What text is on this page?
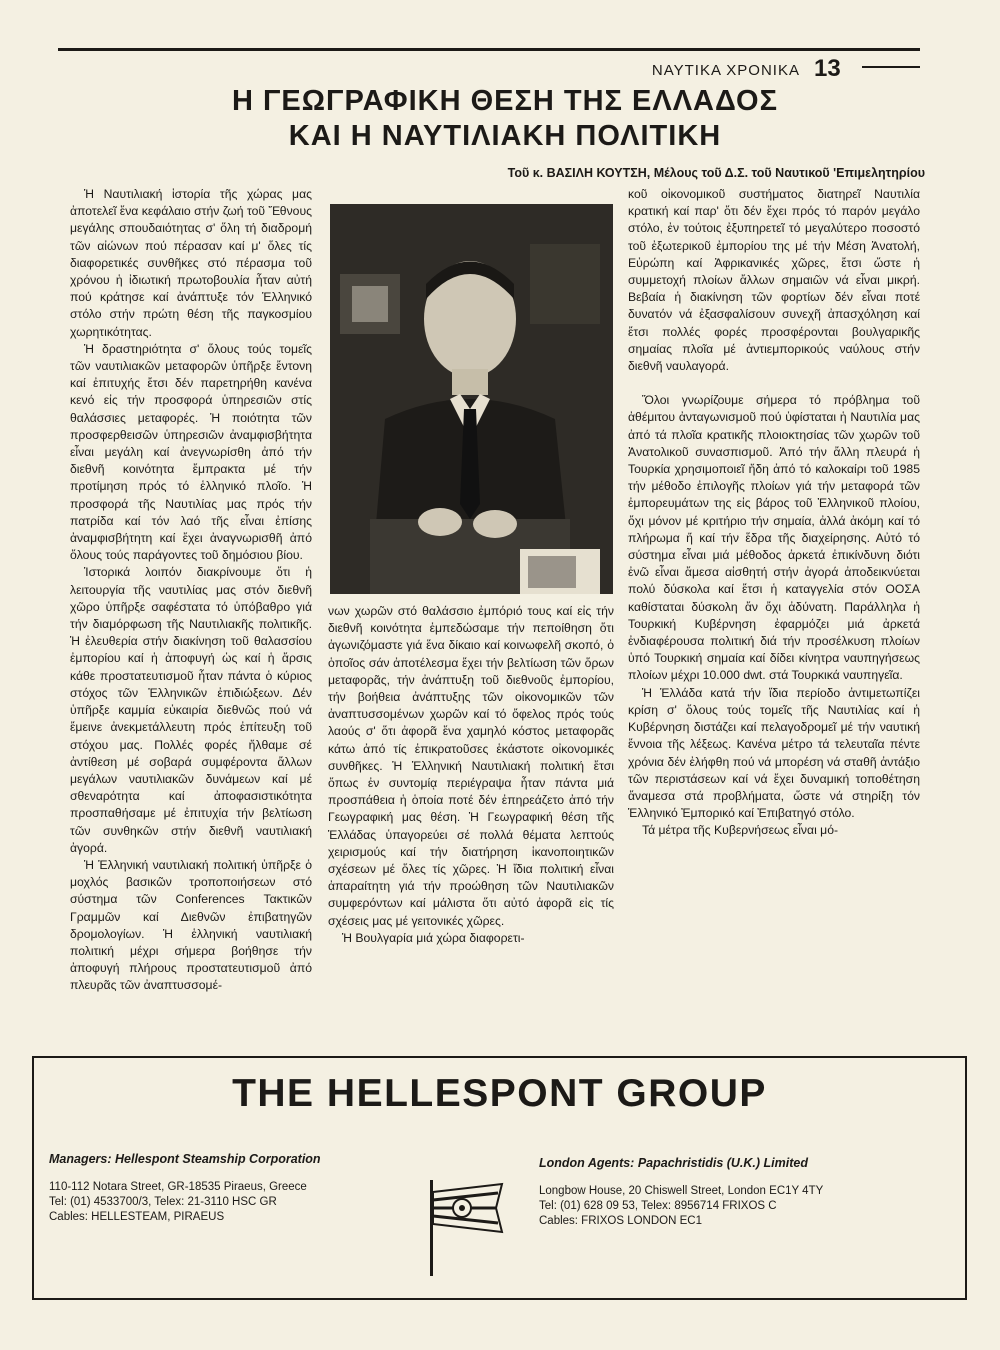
ΝΑΥΤΙΚΑ ΧΡΟΝΙΚΑ 13
Η ΓΕΩΓΡΑΦΙΚΗ ΘΕΣΗ ΤΗΣ ΕΛΛΑΔΟΣ
ΚΑΙ Η ΝΑΥΤΙΛΙΑΚΗ ΠΟΛΙΤΙΚΗ
Τοῦ κ. ΒΑΣΙΛΗ ΚΟΥΤΣΗ, Μέλους τοῦ Δ.Σ. τοῦ Ναυτικοῦ 'Επιμελητηρίου

Ἡ Ναυτιλιακή ἱστορία τῆς χώρας μας ἀποτελεῖ ἕνα κεφάλαιο στήν ζωή τοῦ Ἔθνους μεγάλης σπουδαιότητας σ' ὅλη τή διαδρομή τῶν αἰώνων πού πέρασαν καί μ' ὅλες τίς διαφορετικές συνθῆκες στό πέρασμα τοῦ χρόνου ἡ ἰδιωτική πρωτοβουλία ἦταν αὐτή πού κράτησε καί ἀνάπτυξε τόν Ἑλληνικό στόλο στήν πρώτη θέση τῆς παγκοσμίου χωρητικότητας.

Ἡ δραστηριότητα σ' ὅλους τούς τομεῖς τῶν ναυτιλιακῶν μεταφορῶν ὑπῆρξε ἔντονη καί ἐπιτυχής ἔτσι δέν παρετηρήθη κανένα κενό εἰς τήν προσφορά ὑπηρεσιῶν στίς θαλάσσιες μεταφορές. Ἡ ποιότητα τῶν προσφερθεισῶν ὑπηρεσιῶν ἀναμφισβήτητα εἶναι μεγάλη καί ἀνεγνωρίσθη ἀπό τήν διεθνῆ κοινότητα ἔμπρακτα μέ τήν προτίμηση πρός τό ἑλληνικό πλοῖο. Ἡ προσφορά τῆς Ναυτιλίας μας πρός τήν πατρίδα καί τόν λαό τῆς εἶναι ἐπίσης ἀναμφισβήτητη καί ἔχει ἀναγνωρισθῆ ἀπό ὅλους τούς παράγοντες τοῦ δημόσιου βίου.

Ἱστορικά λοιπόν διακρίνουμε ὅτι ἡ λειτουργία τῆς ναυτιλίας μας στόν διεθνῆ χῶρο ὑπῆρξε σαφέστατα τό ὑπόβαθρο γιά τήν διαμόρφωση τῆς Ναυτιλιακῆς πολιτικῆς. Ἡ ἐλευθερία στήν διακίνηση τοῦ θαλασσίου ἐμπορίου καί ἡ ἀποφυγή ὡς καί ἡ ἄρσις κάθε προστατευτισμοῦ ἦταν πάντα ὁ κύριος στόχος τῶν Ἑλληνικῶν ἐπιδιώξεων. Δέν ὑπῆρξε καμμία εὐκαιρία διεθνῶς πού νά ἔμεινε ἀνεκμετάλλευτη πρός ἐπίτευξη τοῦ στόχου μας. Πολλές φορές ἤλθαμε σέ ἀντίθεση μέ σοβαρά συμφέροντα ἄλλων μεγάλων ναυτιλιακῶν δυνάμεων καί μέ σθεναρότητα καί ἀποφασιστικότητα προσπαθήσαμε μέ ἐπιτυχία τήν βελτίωση τῶν συνθηκῶν στήν διεθνῆ ναυτιλιακή ἀγορά.

Ἡ Ἑλληνική ναυτιλιακή πολιτική ὑπῆρξε ὁ μοχλός βασικῶν τροποποιήσεων στό σύστημα τῶν Conferences Τακτικῶν Γραμμῶν καί Διεθνῶν ἐπιβατηγῶν δρομολογίων. Ἡ ἑλληνική ναυτιλιακή πολιτική μέχρι σήμερα βοήθησε τήν ἀποφυγή πλήρους προστατευτισμοῦ ἀπό πλευρᾶς τῶν ἀναπτυσσομέ-

νων χωρῶν στό θαλάσσιο ἐμπόριό τους καί εἰς τήν διεθνῆ κοινότητα ἐμπεδώσαμε τήν πεποίθηση ὅτι ἀγωνιζόμαστε γιά ἕνα δίκαιο καί κοινωφελῆ σκοπό, ὁ ὁποῖος σάν ἀποτέλεσμα ἔχει τήν βελτίωση τῶν ὅρων μεταφορᾶς, τήν ἀνάπτυξη τοῦ διεθνοῦς ἐμπορίου, τήν βοήθεια ἀνάπτυξης τῶν οἰκονομικῶν τῶν ἀναπτυσσομένων χωρῶν καί τό ὄφελος πρός τούς λαούς σ' ὅτι ἀφορᾶ ἕνα χαμηλό κόστος μεταφορᾶς κάτω ἀπό τίς ἐπικρατοῦσες ἑκάστοτε οἰκονομικές συνθῆκες. Ἡ Ἑλληνική Ναυτιλιακή πολιτική ἔτσι ὅπως ἐν συντομίᾳ περιέγραψα ἦταν πάντα μιά προσπάθεια ἡ ὁποία ποτέ δέν ἐπηρεάζετο ἀπό τήν Γεωγραφική μας θέση. Ἡ Γεωγραφική θέση τῆς Ἑλλάδας ὑπαγορεύει σέ πολλά θέματα λεπτούς χειρισμούς καί τήν διατήρηση ἱκανοποιητικῶν σχέσεων μέ ὅλες τίς χῶρες. Ἡ ἴδια πολιτική εἶναι ἀπαραίτητη γιά τήν προώθηση τῶν Ναυτιλιακῶν συμφερόντων καί μάλιστα ὅτι αὐτό ἀφορᾶ εἰς τίς σχέσεις μας μέ γειτονικές χῶρες.

Ἡ Βουλγαρία μιά χώρα διαφορετι-

κοῦ οἰκονομικοῦ συστήματος διατηρεῖ Ναυτιλία κρατική καί παρ' ὅτι δέν ἔχει πρός τό παρόν μεγάλο στόλο, ἐν τούτοις ἐξυπηρετεῖ τό μεγαλύτερο ποσοστό τοῦ ἐξωτερικοῦ ἐμπορίου της μέ τήν Μέση Ἀνατολή, Εὐρώπη καί Ἀφρικανικές χῶρες, ἔτσι ὥστε ἡ συμμετοχή πλοίων ἄλλων σημαιῶν νά εἶναι μικρή. Βεβαία ἡ διακίνηση τῶν φορτίων δέν εἶναι ποτέ δυνατόν νά ἐξασφαλίσουν συνεχῆ ἀπασχόληση καί ἔτσι πολλές φορές προσφέρονται βουλγαρικῆς σημαίας πλοῖα μέ ἀντιεμπορικούς ναύλους στήν διεθνῆ ναυλαγορά.

Ὅλοι γνωρίζουμε σήμερα τό πρόβλημα τοῦ ἀθέμιτου ἀνταγωνισμοῦ πού ὑφίσταται ἡ Ναυτιλία μας ἀπό τά πλοῖα κρατικῆς πλοιοκτησίας τῶν χωρῶν τοῦ Ἀνατολικοῦ συνασπισμοῦ. Ἀπό τήν ἄλλη πλευρά ἡ Τουρκία χρησιμοποιεῖ ἤδη ἀπό τό καλοκαίρι τοῦ 1985 τήν μέθοδο ἐπιλογῆς πλοίων γιά τήν μεταφορά τῶν ἐμπορευμάτων της εἰς βάρος τοῦ Ἑλληνικοῦ πλοίου, ὄχι μόνον μέ κριτήριο τήν σημαία, ἀλλά ἀκόμη καί τό πλήρωμα ἤ καί τήν ἕδρα τῆς διαχείρησης. Αὐτό τό σύστημα εἶναι μιά μέθοδος ἀρκετά ἐπικίνδυνη διότι ἐνῶ εἶναι ἄμεσα αἰσθητή στήν ἀγορά ἀποδεικνύεται πολύ δύσκολα καί ἔτσι ἡ καταγγελία στόν ΟΟΣΑ καθίσταται δύσκολη ἄν ὄχι ἀδύνατη. Παράλληλα ἡ Τουρκική Κυβέρνηση ἐφαρμόζει μιά ἀρκετά ἐνδιαφέρουσα πολιτική διά τήν προσέλκυση πλοίων ὑπό Τουρκική σημαία καί δίδει κίνητρα ναυπηγήσεως πλοίων μέχρι 10.000 dwt. στά Τουρκικά ναυπηγεῖα.

Ἡ Ἑλλάδα κατά τήν ἴδια περίοδο ἀντιμετωπίζει κρίση σ' ὅλους τούς τομεῖς τῆς Ναυτιλίας καί ἡ Κυβέρνηση διστάζει καί πελαγοδρομεῖ μέ τήν ναυτική ἔννοια τῆς λέξεως. Κανένα μέτρο τά τελευταῖα πέντε χρόνια δέν ἐλήφθη πού νά μπορέση νά σταθῆ ἀντάξιο τῶν περιστάσεων καί νά ἔχει δυναμική τοποθέτηση ἄναμεσα στά προβλήματα, ὥστε νά στηρίξη τόν Ἑλληνικό Ἐμπορικό καί Ἐπιβατηγό στόλο.

Τά μέτρα τῆς Κυβερνήσεως εἶναι μό-

THE HELLESPONT GROUP
Managers: Hellespont Steamship Corporation
110-112 Notara Street, GR-18535 Piraeus, Greece
Tel: (01) 4533700/3, Telex: 21-3110 HSC GR
Cables: HELLESTEAM, PIRAEUS
London Agents: Papachristidis (U.K.) Limited
Longbow House, 20 Chiswell Street, London EC1Y 4TY
Tel: (01) 628 09 53, Telex: 8956714 FRIXOS C
Cables: FRIXOS LONDON EC1
